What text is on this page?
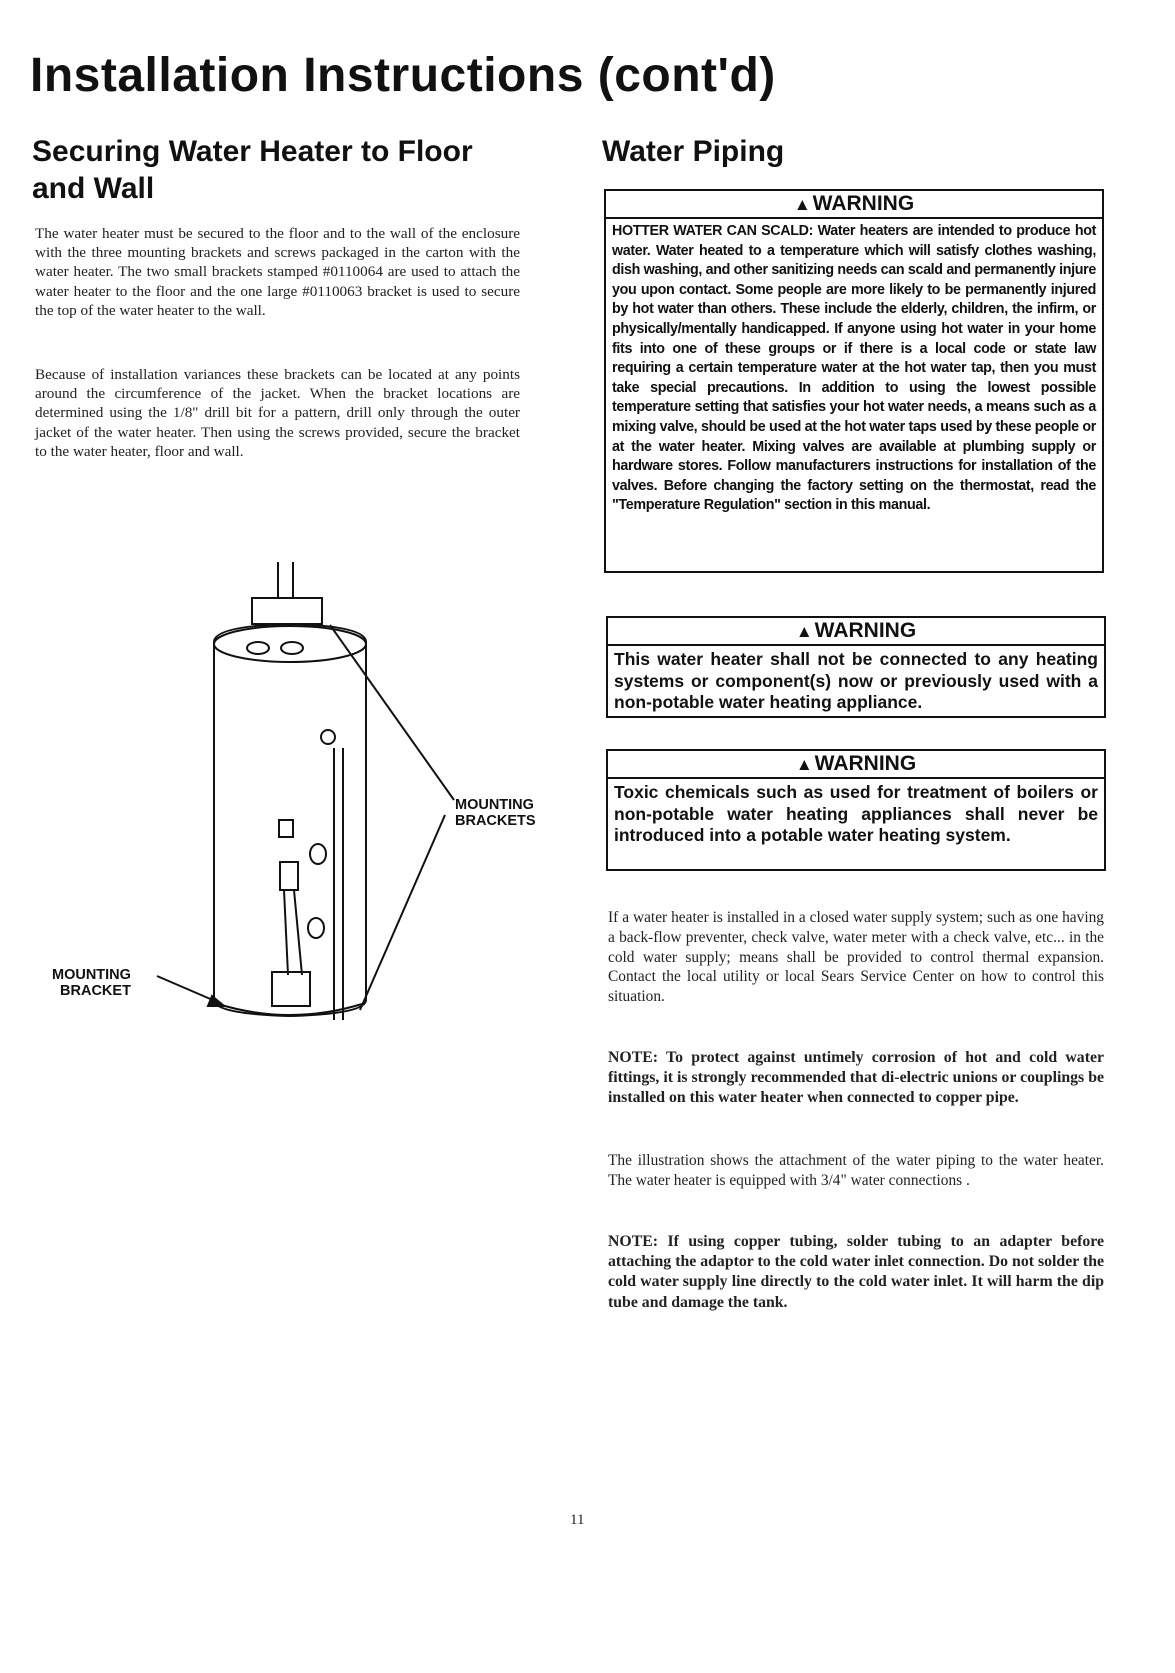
Installation Instructions (cont'd)
Securing Water Heater to Floor and Wall

The water heater must be secured to the floor and to the wall of the enclosure with the three mounting brackets and screws packaged in the carton with the water heater. The two small brackets stamped #0110064 are used to attach the water heater to the floor and the one large #0110063 bracket is used to secure the top of the water heater to the wall.

Because of installation variances these brackets can be located at any points around the circumference of the jacket. When the bracket locations are determined using the 1/8" drill bit for a pattern, drill only through the outer jacket of the water heater. Then using the screws provided, secure the bracket to the water heater, floor and wall.

Water Piping
▲WARNING
HOTTER WATER CAN SCALD: Water heaters are intended to produce hot water. Water heated to a temperature which will satisfy clothes washing, dish washing, and other sanitizing needs can scald and permanently injure you upon contact. Some people are more likely to be permanently injured by hot water than others. These include the elderly, children, the infirm, or physically/mentally handicapped. If anyone using hot water in your home fits into one of these groups or if there is a local code or state law requiring a certain temperature water at the hot water tap, then you must take special precautions. In addition to using the lowest possible temperature setting that satisfies your hot water needs, a means such as a mixing valve, should be used at the hot water taps used by these people or at the water heater. Mixing valves are available at plumbing supply or hardware stores. Follow manufacturers instructions for installation of the valves. Before changing the factory setting on the thermostat, read the "Temperature Regulation" section in this manual.
▲WARNING
This water heater shall not be connected to any heating systems or component(s) now or previously used with a non-potable water heating appliance.
▲WARNING
Toxic chemicals such as used for treatment of boilers or non-potable water heating appliances shall never be introduced into a potable water heating system.

If a water heater is installed in a closed water supply system; such as one having a back-flow preventer, check valve, water meter with a check valve, etc... in the cold water supply; means shall be provided to control thermal expansion. Contact the local utility or local Sears Service Center on how to control this situation.

NOTE: To protect against untimely corrosion of hot and cold water fittings, it is strongly recommended that di-electric unions or couplings be installed on this water heater when connected to copper pipe.

The illustration shows the attachment of the water piping to the water heater. The water heater is equipped with 3/4" water connections .

NOTE: If using copper tubing, solder tubing to an adapter before attaching the adaptor to the cold water inlet connection. Do not solder the cold water supply line directly to the cold water inlet. It will harm the dip tube and damage the tank.

MOUNTING
BRACKETS
MOUNTING
BRACKET
11
